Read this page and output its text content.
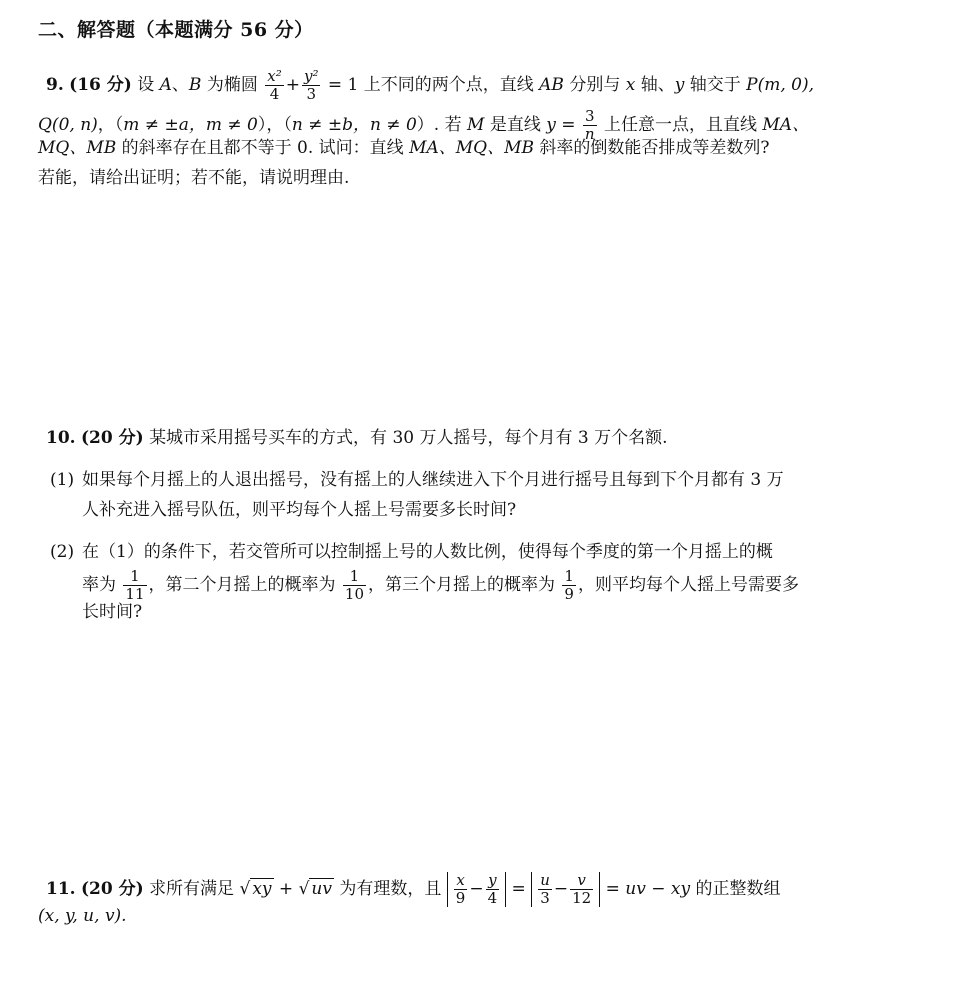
二、解答题（本题满分 56 分）
9. (16 分) 设 A、B 为椭圆 $\frac{\text{x²}}{4} + \frac{\text{y²}}{3} = 1$ 上不同的两个点，直线 AB 分别与 x 轴、y 轴交于 P(m, 0),
Q(0, n)，（m ≠ ±a，m ≠ 0），（n ≠ ±b，n ≠ 0）. 若 M 是直线 $y = \frac{3}{n}$ 上任意一点，且直线 MA、
MQ、MB 的斜率存在且都不等于 0. 试问：直线 MA、MQ、MB 斜率的倒数能否排成等差数列?
若能，请给出证明；若不能，请说明理由.
10. (20 分) 某城市采用摇号买车的方式，有 30 万人摇号，每个月有 3 万个名额.
(1) 如果每个月摇上的人退出摇号，没有摇上的人继续进入下个月进行摇号且每到下个月都有 3 万
人补充进入摇号队伍，则平均每个人摇上号需要多长时间?
(2) 在（1）的条件下，若交管所可以控制摇上号的人数比例，使得每个季度的第一个月摇上的概
率为 $\frac{1}{11}$ ，第二个月摇上的概率为 $\frac{1}{10}$ ，第三个月摇上的概率为 $\frac{1}{9}$ ，则平均每个人摇上号需要多
长时间?
11. (20 分) 求所有满足 √ xy + √ uv 为有理数，且 $\frac{x}{9} - \frac{y}{4} = \frac{u}{3} - \frac{v}{12}$ = uv − xy 的正整数组
(x, y, u, v).
